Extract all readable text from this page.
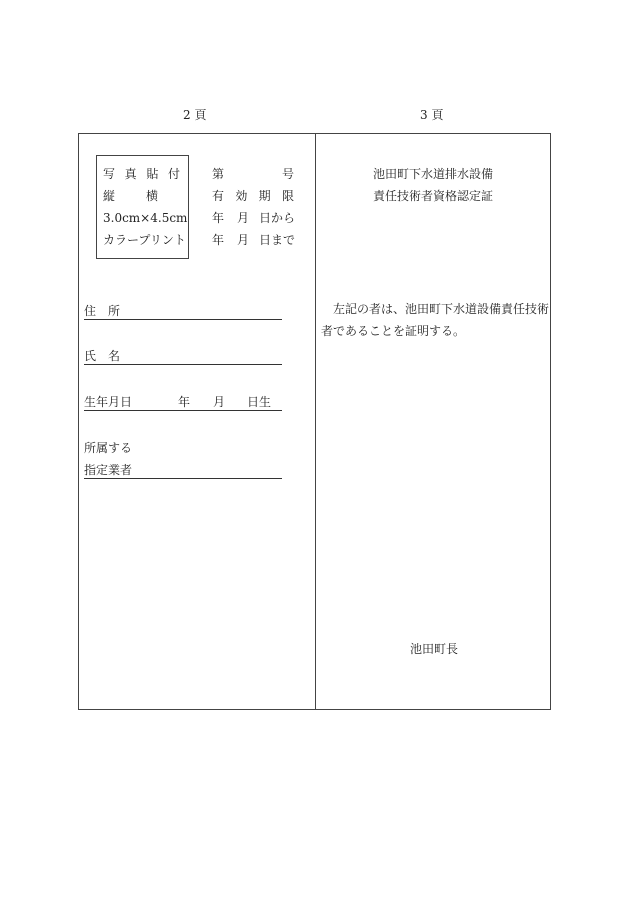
2 頁	3 頁
写 真 貼 付
縦	横
3.0cm×4.5cm
カラープリント
第	号
有 効 期 限
年 月 日から
年 月 日まで
住 所
氏 名
生年月日	年 月 日生
所属する
指定業者
池田町下水道排水設備
責任技術者資格認定証
左記の者は、池田町下水道設備責任技術
者であることを証明する。
池田町長
